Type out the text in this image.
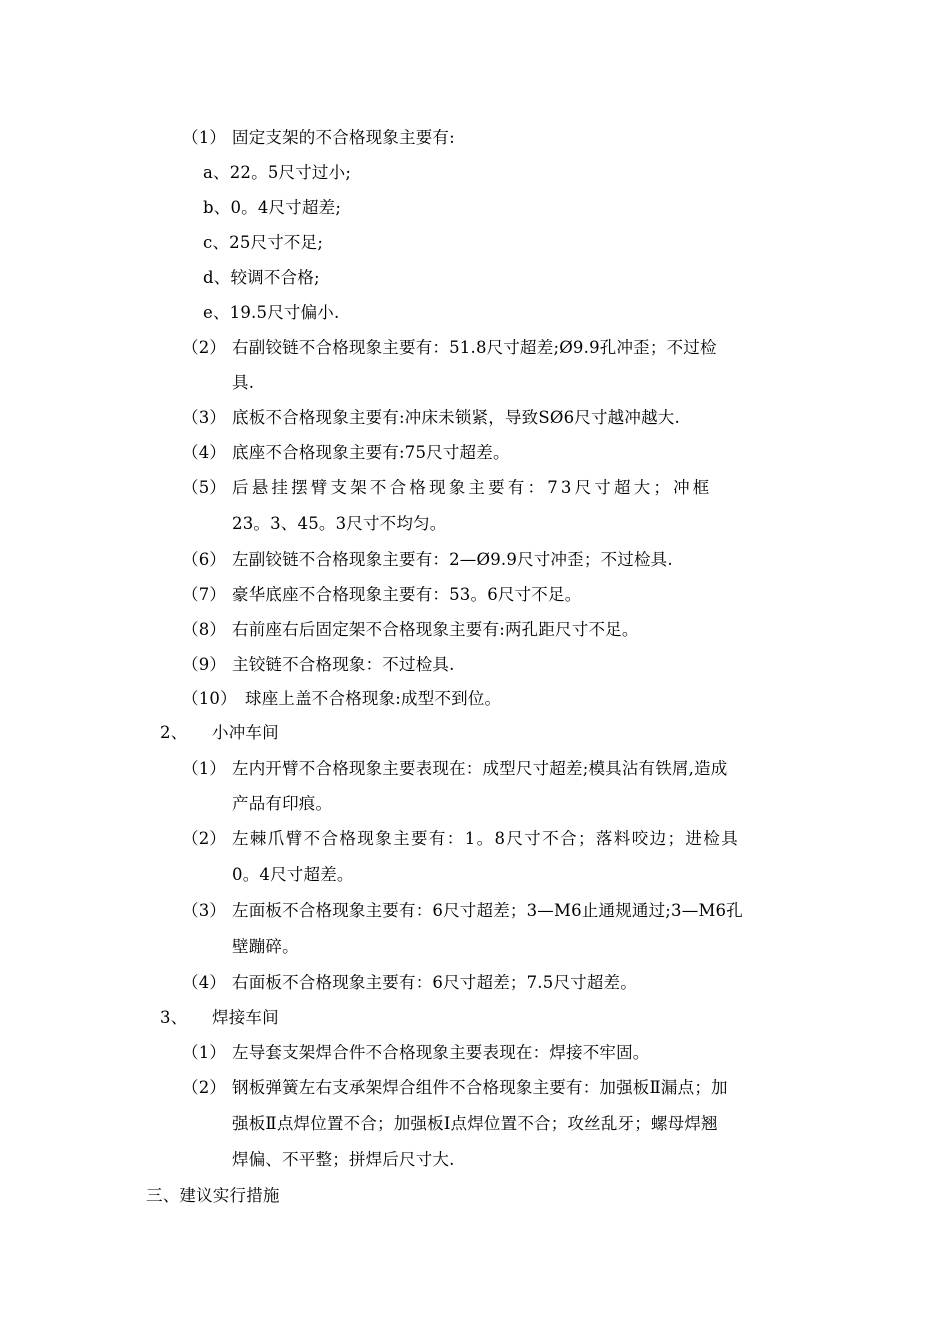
（1） 固定支架的不合格现象主要有:
a、22。5尺寸过小;
b、0。4尺寸超差;
c、25尺寸不足;
d、较调不合格;
e、19.5尺寸偏小.
（2） 右副铰链不合格现象主要有：51.8尺寸超差;Ø9.9孔冲歪；不过检
具.
（3） 底板不合格现象主要有:冲床未锁紧，导致SØ6尺寸越冲越大.
（4） 底座不合格现象主要有:75尺寸超差。
（5） 后悬挂摆臂支架不合格现象主要有：73尺寸超大；冲框
23。3、45。3尺寸不均匀。
（6） 左副铰链不合格现象主要有：2—Ø9.9尺寸冲歪；不过检具.
（7） 豪华底座不合格现象主要有：53。6尺寸不足。
（8） 右前座右后固定架不合格现象主要有:两孔距尺寸不足。
（9） 主铰链不合格现象：不过检具.
（10） 球座上盖不合格现象:成型不到位。
2、 小冲车间
（1） 左内开臂不合格现象主要表现在：成型尺寸超差;模具沾有铁屑,造成
产品有印痕。
（2） 左棘爪臂不合格现象主要有：1。8尺寸不合；落料咬边；进检具
0。4尺寸超差。
（3） 左面板不合格现象主要有：6尺寸超差；3—M6止通规通过;3—M6孔
壁蹦碎。
（4） 右面板不合格现象主要有：6尺寸超差；7.5尺寸超差。
3、 焊接车间
（1） 左导套支架焊合件不合格现象主要表现在：焊接不牢固。
（2） 钢板弹簧左右支承架焊合组件不合格现象主要有：加强板Ⅱ漏点；加
强板Ⅱ点焊位置不合；加强板Ⅰ点焊位置不合；攻丝乱牙；螺母焊翘
焊偏、不平整；拼焊后尺寸大.
三、建议实行措施
